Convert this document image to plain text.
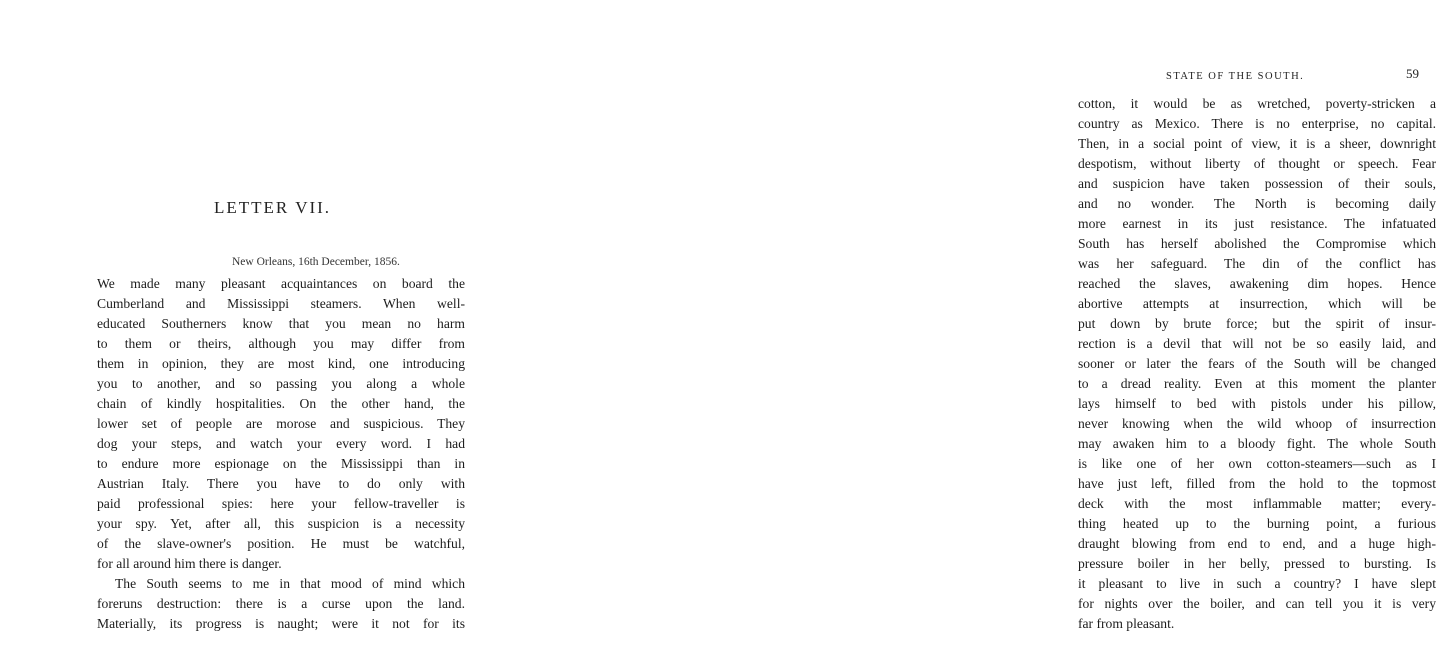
LETTER VII.
New Orleans, 16th December, 1856.
We made many pleasant acquaintances on board the
Cumberland and Mississippi steamers. When well-
educated Southerners know that you mean no harm
to them or theirs, although you may differ from
them in opinion, they are most kind, one introducing
you to another, and so passing you along a whole
chain of kindly hospitalities. On the other hand, the
lower set of people are morose and suspicious. They
dog your steps, and watch your every word. I had
to endure more espionage on the Mississippi than in
Austrian Italy. There you have to do only with
paid professional spies: here your fellow-traveller is
your spy. Yet, after all, this suspicion is a necessity
of the slave-owner's position. He must be watchful,
for all around him there is danger.
The South seems to me in that mood of mind which
foreruns destruction: there is a curse upon the land.
Materially, its progress is naught; were it not for its
STATE OF THE SOUTH.	59
cotton, it would be as wretched, poverty-stricken a
country as Mexico. There is no enterprise, no capital.
Then, in a social point of view, it is a sheer, downright
despotism, without liberty of thought or speech. Fear
and suspicion have taken possession of their souls,
and no wonder. The North is becoming daily
more earnest in its just resistance. The infatuated
South has herself abolished the Compromise which
was her safeguard. The din of the conflict has
reached the slaves, awakening dim hopes. Hence
abortive attempts at insurrection, which will be
put down by brute force; but the spirit of insur-
rection is a devil that will not be so easily laid, and
sooner or later the fears of the South will be changed
to a dread reality. Even at this moment the planter
lays himself to bed with pistols under his pillow,
never knowing when the wild whoop of insurrection
may awaken him to a bloody fight. The whole South
is like one of her own cotton-steamers—such as I
have just left, filled from the hold to the topmost
deck with the most inflammable matter; every-
thing heated up to the burning point, a furious
draught blowing from end to end, and a huge high-
pressure boiler in her belly, pressed to bursting. Is
it pleasant to live in such a country? I have slept
for nights over the boiler, and can tell you it is very
far from pleasant.
